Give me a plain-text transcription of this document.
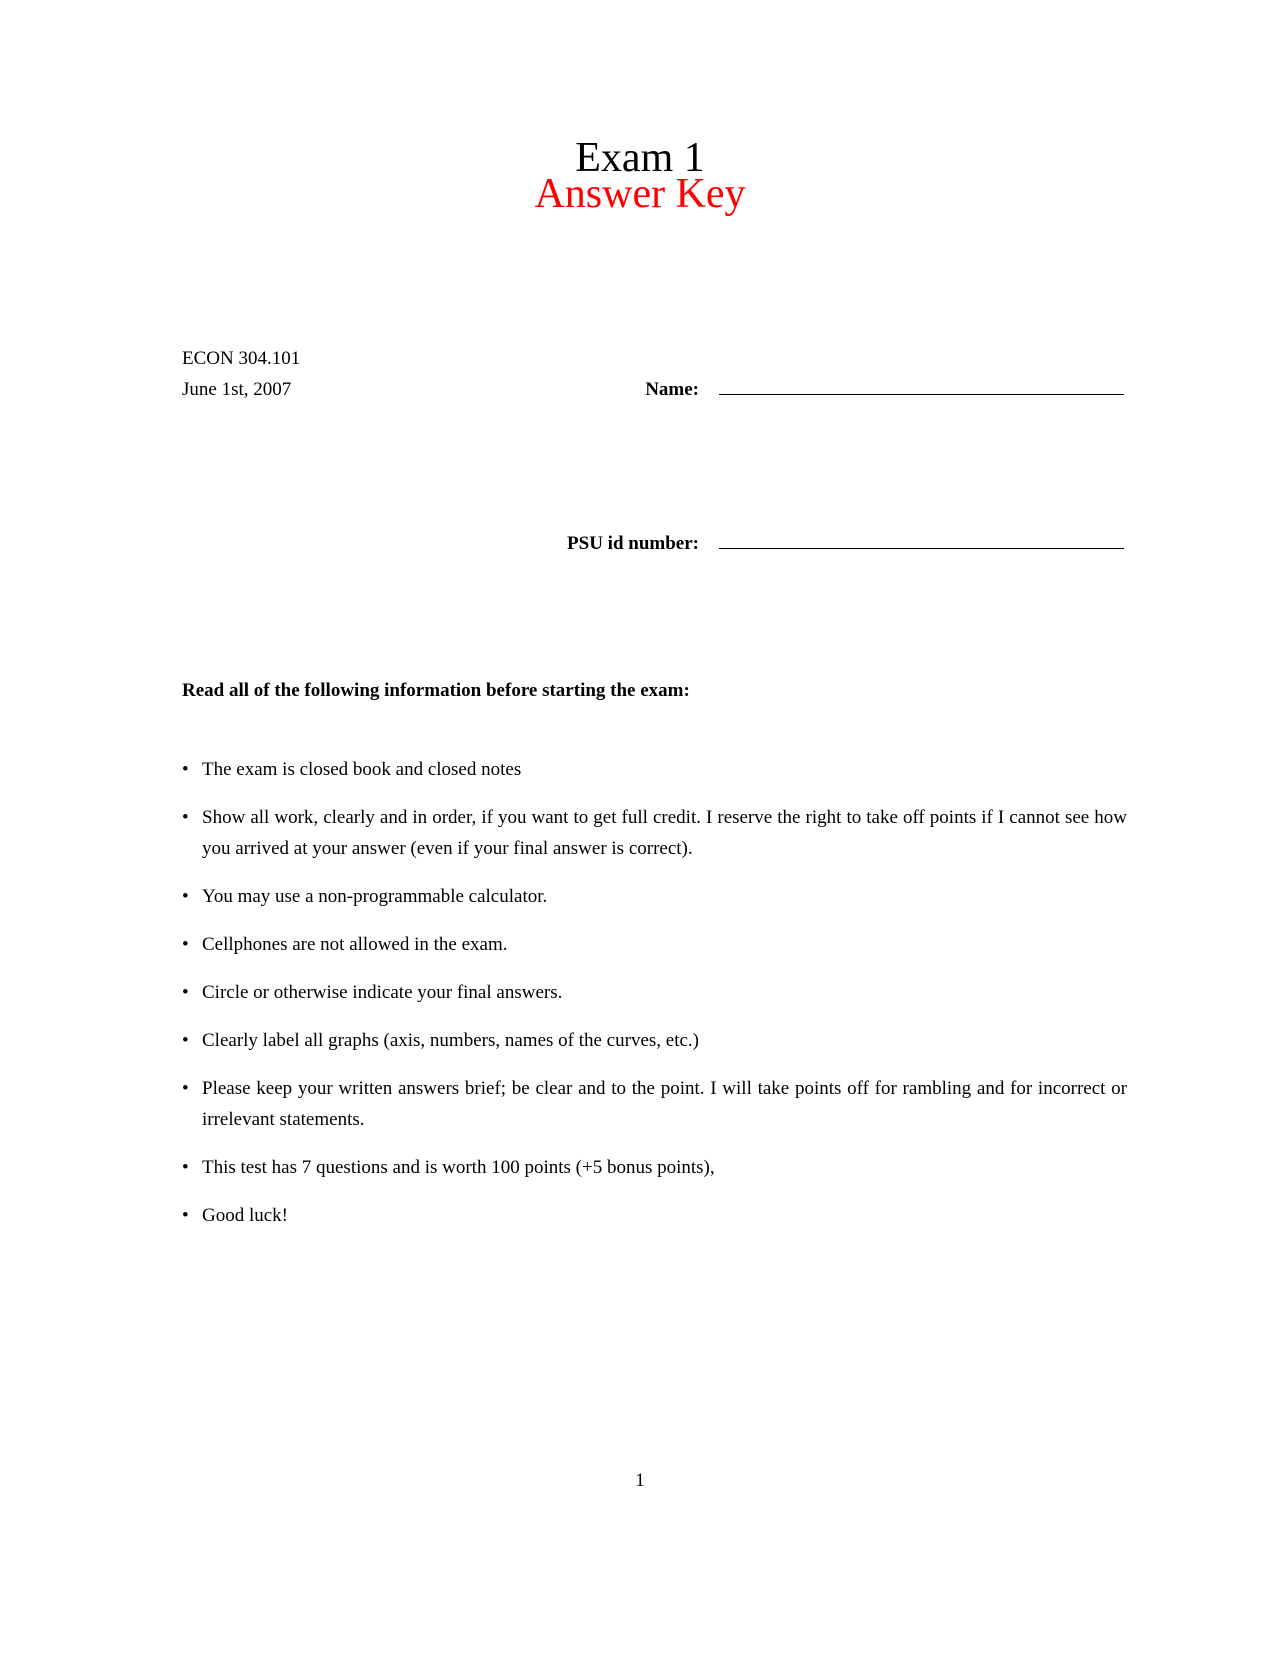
Exam 1
Answer Key
ECON 304.101
June 1st, 2007	Name:
PSU id number:
Read all of the following information before starting the exam:
• The exam is closed book and closed notes
• Show all work, clearly and in order, if you want to get full credit. I reserve the right to take off points if I cannot see how you arrived at your answer (even if your final answer is correct).
• You may use a non-programmable calculator.
• Cellphones are not allowed in the exam.
• Circle or otherwise indicate your final answers.
• Clearly label all graphs (axis, numbers, names of the curves, etc.)
• Please keep your written answers brief; be clear and to the point. I will take points off for rambling and for incorrect or irrelevant statements.
• This test has 7 questions and is worth 100 points (+5 bonus points),
• Good luck!
1
